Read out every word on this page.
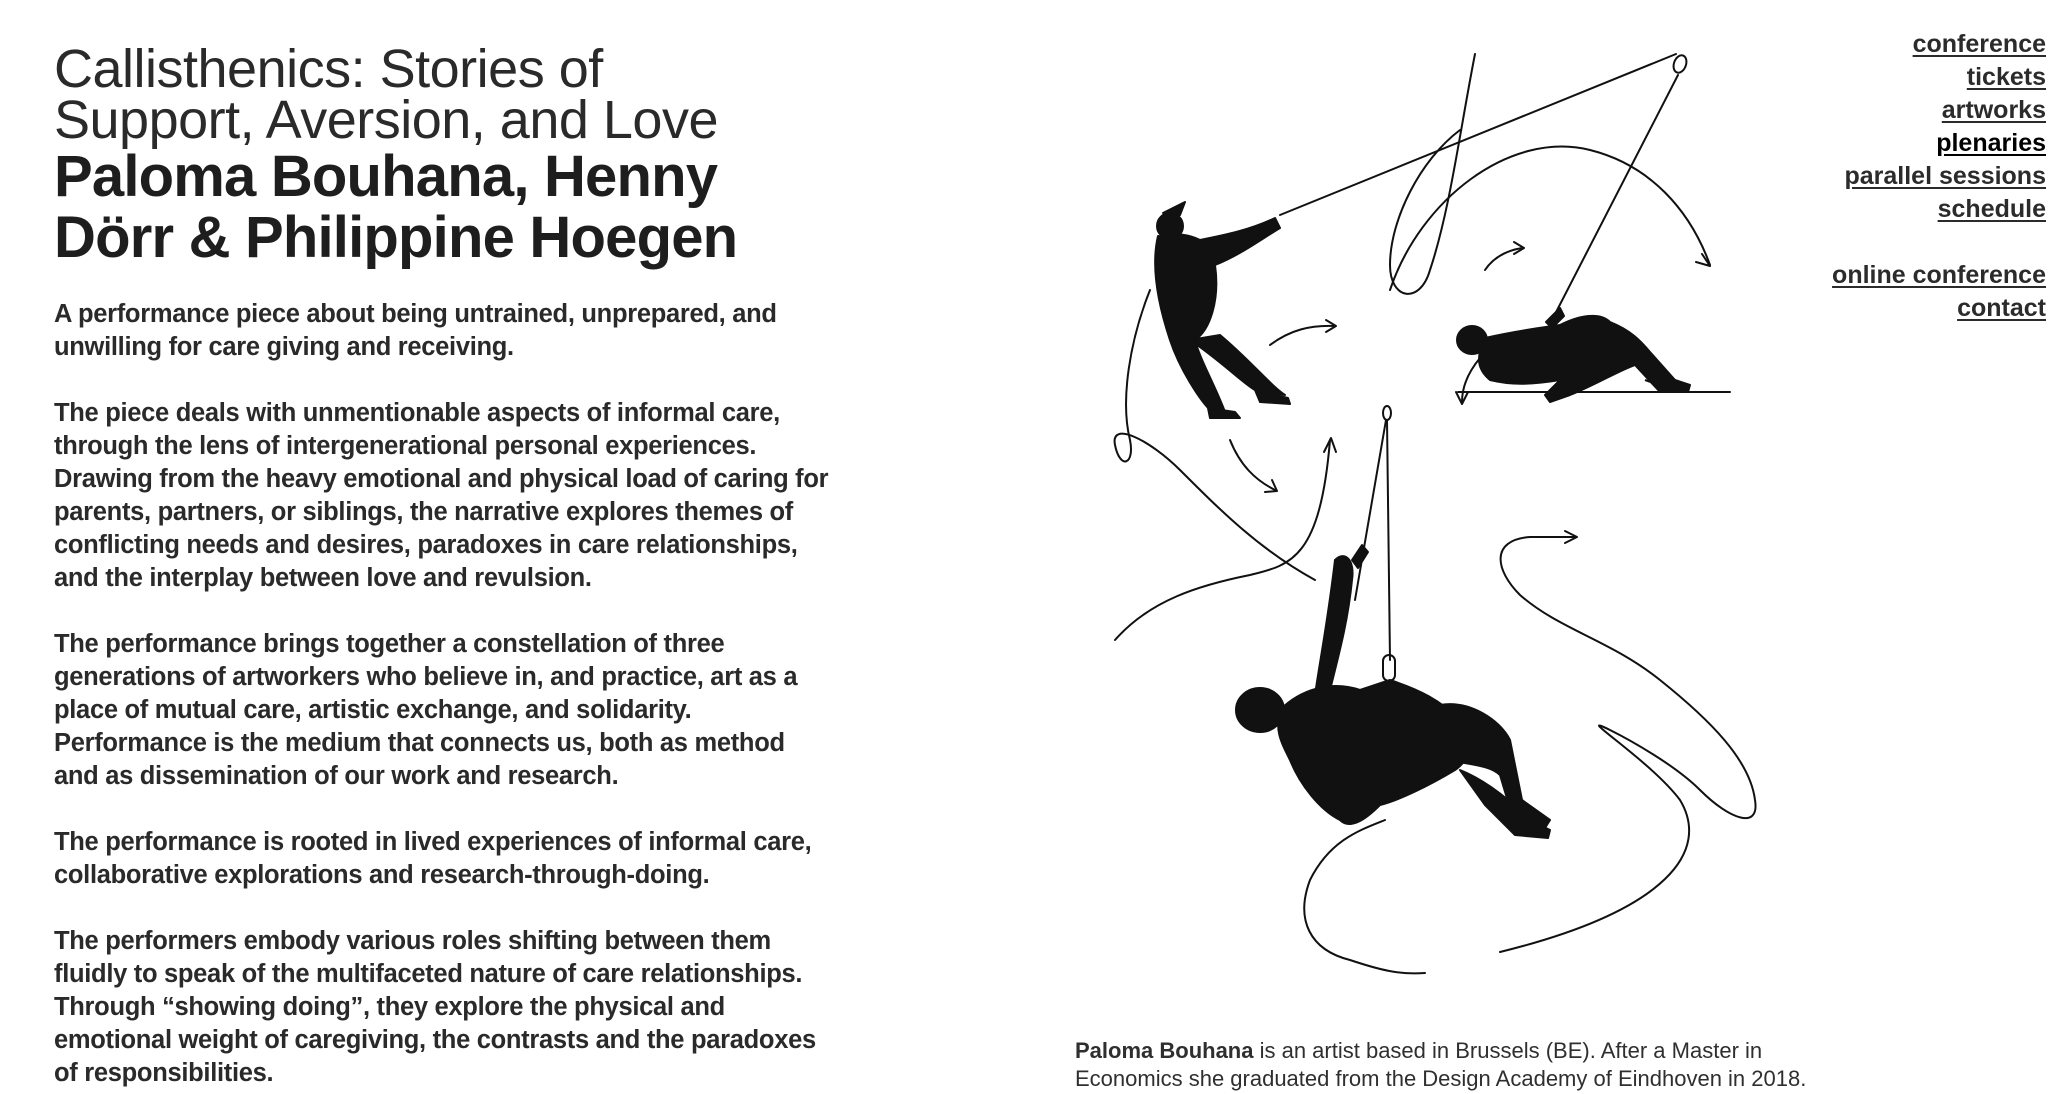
Callisthenics: Stories of
Support, Aversion, and Love
Paloma Bouhana, Henny
Dörr & Philippine Hoegen

A performance piece about being untrained, unprepared, and unwilling for care giving and receiving.

The piece deals with unmentionable aspects of informal care, through the lens of intergenerational personal experiences. Drawing from the heavy emotional and physical load of caring for parents, partners, or siblings, the narrative explores themes of conflicting needs and desires, paradoxes in care relationships, and the interplay between love and revulsion.

The performance brings together a constellation of three generations of artworkers who believe in, and practice, art as a place of mutual care, artistic exchange, and solidarity. Performance is the medium that connects us, both as method and as dissemination of our work and research.

The performance is rooted in lived experiences of informal care, collaborative explorations and research-through-doing.

The performers embody various roles shifting between them fluidly to speak of the multifaceted nature of care relationships. Through “showing doing”, they explore the physical and emotional weight of caregiving, the contrasts and the paradoxes of responsibilities.

conference
tickets
artworks
plenaries
parallel sessions
schedule
online conference
contact
Paloma Bouhana is an artist based in Brussels (BE). After a Master in
Economics she graduated from the Design Academy of Eindhoven in 2018.
